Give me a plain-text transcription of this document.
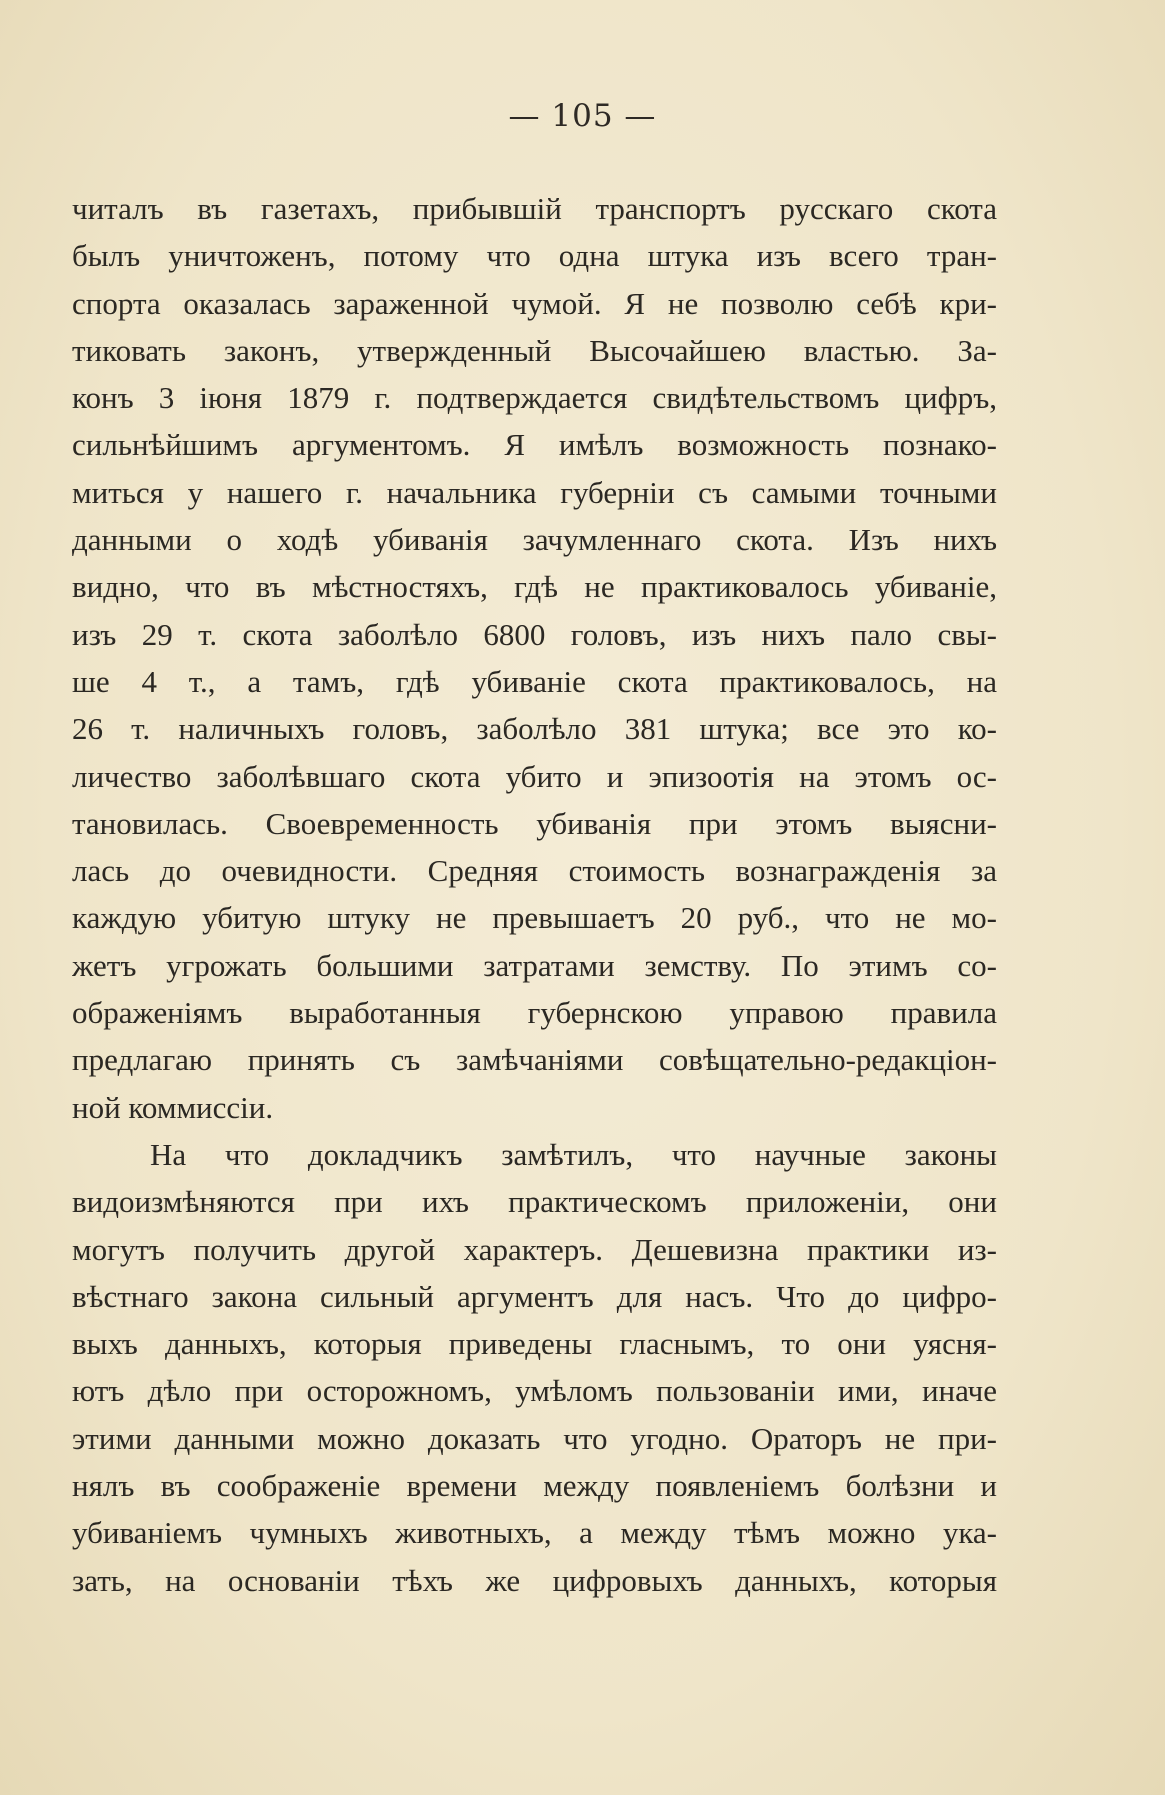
— 105 —
читалъ въ газетахъ, прибывшій транспортъ русскаго скота
былъ уничтоженъ, потому что одна штука изъ всего тран-
спорта оказалась зараженной чумой. Я не позволю себѣ кри-
тиковать законъ, утвержденный Высочайшею властью. За-
конъ 3 іюня 1879 г. подтверждается свидѣтельствомъ цифръ,
сильнѣйшимъ аргументомъ. Я имѣлъ возможность познако-
миться у нашего г. начальника губерніи съ самыми точными
данными о ходѣ убиванія зачумленнаго скота. Изъ нихъ
видно, что въ мѣстностяхъ, гдѣ не практиковалось убиваніе,
изъ 29 т. скота заболѣло 6800 головъ, изъ нихъ пало свы-
ше 4 т., а тамъ, гдѣ убиваніе скота практиковалось, на
26 т. наличныхъ головъ, заболѣло 381 штука; все это ко-
личество заболѣвшаго скота убито и эпизоотія на этомъ ос-
тановилась. Своевременность убиванія при этомъ выясни-
лась до очевидности. Средняя стоимость вознагражденія за
каждую убитую штуку не превышаетъ 20 руб., что не мо-
жетъ угрожать большими затратами земству. По этимъ со-
ображеніямъ выработанныя губернскою управою правила
предлагаю принять съ замѣчаніями совѣщательно-редакціон-
ной коммиссіи.
На что докладчикъ замѣтилъ, что научные законы
видоизмѣняются при ихъ практическомъ приложеніи, они
могутъ получить другой характеръ. Дешевизна практики из-
вѣстнаго закона сильный аргументъ для насъ. Что до цифро-
выхъ данныхъ, которыя приведены гласнымъ, то они уясня-
ютъ дѣло при осторожномъ, умѣломъ пользованіи ими, иначе
этими данными можно доказать что угодно. Ораторъ не при-
нялъ въ соображеніе времени между появленіемъ болѣзни и
убиваніемъ чумныхъ животныхъ, а между тѣмъ можно ука-
зать, на основаніи тѣхъ же цифровыхъ данныхъ, которыя
